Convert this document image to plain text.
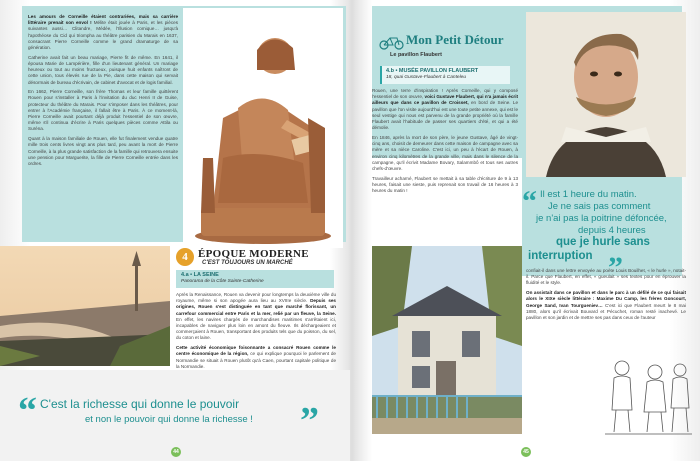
Les amours de Corneille étaient contrariées, mais sa carrière littéraire prenait son envol ! Mélite était jouée à Paris, et les pièces suivantes aussi… Clitandre, Médée, l'Illusion comique… jusqu'à l'apothéose du Cid qui triompha au théâtre parisien du Marais en 1637, consacrant Pierre Corneille comme le grand dramaturge de sa génération.

Catherine avait fait un beau mariage, Pierre fit de même. En 1641, il épousa Marie de Lampérière, fille d'un lieutenant général. Un mariage heureux ou tout au moins fructueux, puisque huit enfants naîtront de cette union, tous élevés rue de la Pie, dans cette maison qui servait désormais de bureau d'écrivain, de cabinet d'avocat et de logis familial.

En 1662, Pierre Corneille, son frère Thomas et leur famille quittèrent Rouen pour s'installer à Paris à l'invitation du duc Henri II de Guise, protecteur du théâtre du Marais. Pour s'imposer dans les théâtres, pour entrer à l'Académie française, il fallait être à Paris. À ce moment-là, Pierre Corneille avait pourtant déjà produit l'essentiel de son œuvre, même s'il continua d'écrire à Paris quelques pièces comme Attila ou Suréna.

Quant à la maison familiale de Rouen, elle fut finalement vendue quatre mille trois cents livres vingt ans plus tard, peu avant la mort de Pierre Corneille, à la plus grande satisfaction de la famille qui retrouvera ensuite une pension pour Marguerite, la fille de Pierre Corneille entrée dans les ordres.

4 ÉPOQUE MODERNE
C'EST TOUJOURS UN MARCHÉ
4.a • LA SEINE
Panorama de la Côte Sainte-Catherine

Après la Renaissance, Rouen va devenir pour longtemps la deuxième ville du royaume, même si son apogée aura lieu au XVIIIe siècle. Depuis ses origines, Rouen s'est distinguée en tant que marché florissant, un carrefour commercial entre Paris et la mer, relié par un fleuve, la Seine. En effet, les navires chargés de marchandises maritimes s'arrêtaient ici, incapables de naviguer plus loin en amont du fleuve. Ils déchargeaient et commerçaient à Rouen, transportant des produits tels que du poisson, du sel, du coton et laine.

Cette activité économique foisonnante a consacré Rouen comme le centre économique de la région, ce qui explique pourquoi le parlement de Normandie se situait à Rouen plutôt qu'à Caen, pourtant capitale politique de la Normandie.

“ C'est la richesse qui donne le pouvoir
et non le pouvoir qui donne la richesse ! ”
44
Mon Petit Détour
Le pavillon Flaubert
4.b • MUSÉE PAVILLON FLAUBERT
18, quai Gustave-Flaubert à Canteleu

Rouen, une terre d'inspiration ! Après Corneille, qui y composé l'essentiel de son œuvre, voici Gustave Flaubert, qui n'a jamais écrit ailleurs que dans ce pavillon de Croisset, en bord de Seine. Le pavillon que l'on visite aujourd'hui est une toute petite annexe, qui est le seul vestige qui nous est parvenu de la grande propriété où la famille Flaubert avait l'habitude de passer ses quartiers d'été, et qui a été démolie.

En 1846, après la mort de son père, le jeune Gustave, âgé de vingt-cinq ans, choisit de demeurer dans cette maison de campagne avec sa mère et sa nièce Caroline. C'est ici, un peu à l'écart de Rouen, à environ cinq kilomètres de la grande ville, mais dans le silence de la campagne, qu'il écrivit Madame Bovary, Salammbô et tous ses autres chefs-d'œuvre.

Travailleur acharné, Flaubert se mettait à sa table d'écriture de 9 à 13 heures, faisait une sieste, puis reprenait son travail de 16 heures à 3 heures du matin !	“ Il est 1 heure du matin.
Je ne sais pas comment
je n'ai pas la poitrine défoncée,
depuis 4 heures
que je hurle sans
interruption ”

confiait-il dans une lettre envoyée au poète Louis Bouilhet, « le hurle », notait-il. Parce que Flaubert, en effet, « gueulait » ses textes pour en éprouver la fluidité et le style.

On assistait dans ce pavillon et dans le parc à un défilé de ce qui faisait alors le XIXe siècle littéraire : Maxime Du Camp, les frères Goncourt, George Sand, Ivan Tourgueniev… C'est ici que Flaubert meurt le 8 mai 1880, alors qu'il écrivait Bouvard et Pécuchet, roman resté inachevé. Le pavillon et son jardin et de mettre ses pas dans ceux de l'auteur

45
